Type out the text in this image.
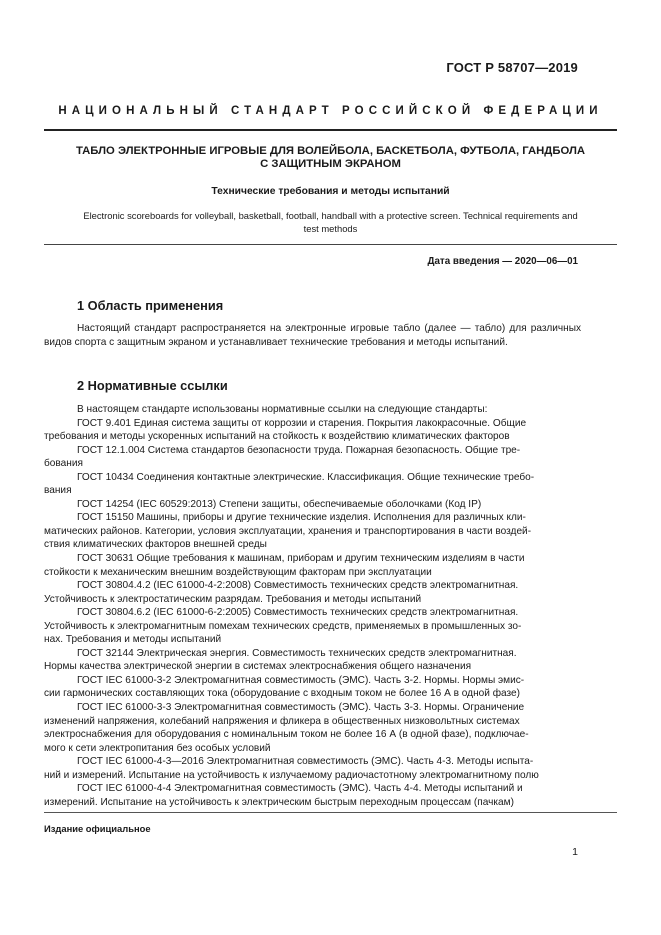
ГОСТ Р 58707—2019
НАЦИОНАЛЬНЫЙ СТАНДАРТ РОССИЙСКОЙ ФЕДЕРАЦИИ
ТАБЛО ЭЛЕКТРОННЫЕ ИГРОВЫЕ ДЛЯ ВОЛЕЙБОЛА, БАСКЕТБОЛА, ФУТБОЛА, ГАНДБОЛА
С ЗАЩИТНЫМ ЭКРАНОМ
Технические требования и методы испытаний
Electronic scoreboards for volleyball, basketball, football, handball with a protective screen. Technical requirements and
test methods
Дата введения — 2020—06—01
1 Область применения
Настоящий стандарт распространяется на электронные игровые табло (далее — табло) для различных видов спорта с защитным экраном и устанавливает технические требования и методы испытаний.
2 Нормативные ссылки
В настоящем стандарте использованы нормативные ссылки на следующие стандарты:
ГОСТ 9.401 Единая система защиты от коррозии и старения. Покрытия лакокрасочные. Общие
требования и методы ускоренных испытаний на стойкость к воздействию климатических факторов
ГОСТ 12.1.004 Система стандартов безопасности труда. Пожарная безопасность. Общие тре-
бования
ГОСТ 10434 Соединения контактные электрические. Классификация. Общие технические требо-
вания
ГОСТ 14254 (IEC 60529:2013) Степени защиты, обеспечиваемые оболочками (Код IP)
ГОСТ 15150 Машины, приборы и другие технические изделия. Исполнения для различных кли-
матических районов. Категории, условия эксплуатации, хранения и транспортирования в части воздей-
ствия климатических факторов внешней среды
ГОСТ 30631 Общие требования к машинам, приборам и другим техническим изделиям в части
стойкости к механическим внешним воздействующим факторам при эксплуатации
ГОСТ 30804.4.2 (IEC 61000-4-2:2008) Совместимость технических средств электромагнитная.
Устойчивость к электростатическим разрядам. Требования и методы испытаний
ГОСТ 30804.6.2 (IEC 61000-6-2:2005) Совместимость технических средств электромагнитная.
Устойчивость к электромагнитным помехам технических средств, применяемых в промышленных зо-
нах. Требования и методы испытаний
ГОСТ 32144 Электрическая энергия. Совместимость технических средств электромагнитная.
Нормы качества электрической энергии в системах электроснабжения общего назначения
ГОСТ IEC 61000-3-2 Электромагнитная совместимость (ЭМС). Часть 3-2. Нормы. Нормы эмис-
сии гармонических составляющих тока (оборудование с входным током не более 16 А в одной фазе)
ГОСТ IEC 61000-3-3 Электромагнитная совместимость (ЭМС). Часть 3-3. Нормы. Ограничение
изменений напряжения, колебаний напряжения и фликера в общественных низковольтных системах
электроснабжения для оборудования с номинальным током не более 16 А (в одной фазе), подключае-
мого к сети электропитания без особых условий
ГОСТ IEC 61000-4-3—2016 Электромагнитная совместимость (ЭМС). Часть 4-3. Методы испыта-
ний и измерений. Испытание на устойчивость к излучаемому радиочастотному электромагнитному полю
ГОСТ IEC 61000-4-4 Электромагнитная совместимость (ЭМС). Часть 4-4. Методы испытаний и
измерений. Испытание на устойчивость к электрическим быстрым переходным процессам (пачкам)
Издание официальное
1
